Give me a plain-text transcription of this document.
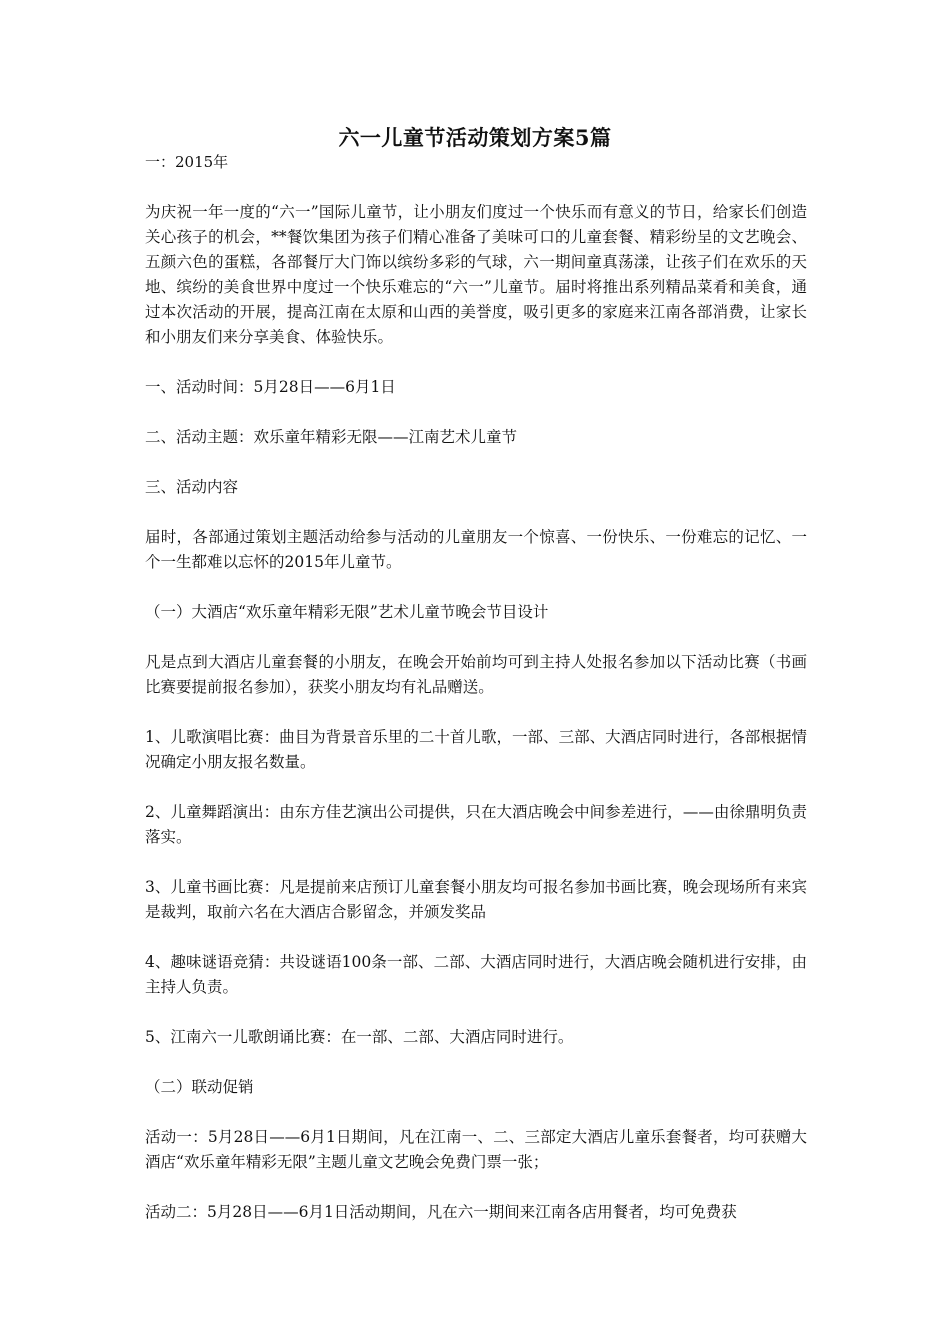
六一儿童节活动策划方案5篇
一：2015年

为庆祝一年一度的“六一”国际儿童节，让小朋友们度过一个快乐而有意义的节日，给家长们创造关心孩子的机会，**餐饮集团为孩子们精心准备了美味可口的儿童套餐、精彩纷呈的文艺晚会、五颜六色的蛋糕，各部餐厅大门饰以缤纷多彩的气球，六一期间童真荡漾，让孩子们在欢乐的天地、缤纷的美食世界中度过一个快乐难忘的“六一”儿童节。届时将推出系列精品菜肴和美食，通过本次活动的开展，提高江南在太原和山西的美誉度，吸引更多的家庭来江南各部消费，让家长和小朋友们来分享美食、体验快乐。

一、活动时间：5月28日——6月1日

二、活动主题：欢乐童年精彩无限——江南艺术儿童节

三、活动内容

届时，各部通过策划主题活动给参与活动的儿童朋友一个惊喜、一份快乐、一份难忘的记忆、一个一生都难以忘怀的2015年儿童节。

（一）大酒店“欢乐童年精彩无限”艺术儿童节晚会节目设计

凡是点到大酒店儿童套餐的小朋友，在晚会开始前均可到主持人处报名参加以下活动比赛（书画比赛要提前报名参加），获奖小朋友均有礼品赠送。

1、儿歌演唱比赛：曲目为背景音乐里的二十首儿歌，一部、三部、大酒店同时进行，各部根据情况确定小朋友报名数量。

2、儿童舞蹈演出：由东方佳艺演出公司提供，只在大酒店晚会中间参差进行，——由徐鼎明负责落实。

3、儿童书画比赛：凡是提前来店预订儿童套餐小朋友均可报名参加书画比赛，晚会现场所有来宾是裁判，取前六名在大酒店合影留念，并颁发奖品

4、趣味谜语竞猜：共设谜语100条一部、二部、大酒店同时进行，大酒店晚会随机进行安排，由主持人负责。

5、江南六一儿歌朗诵比赛：在一部、二部、大酒店同时进行。

（二）联动促销

活动一：5月28日——6月1日期间，凡在江南一、二、三部定大酒店儿童乐套餐者，均可获赠大酒店“欢乐童年精彩无限”主题儿童文艺晚会免费门票一张；

活动二：5月28日——6月1日活动期间，凡在六一期间来江南各店用餐者，均可免费获
